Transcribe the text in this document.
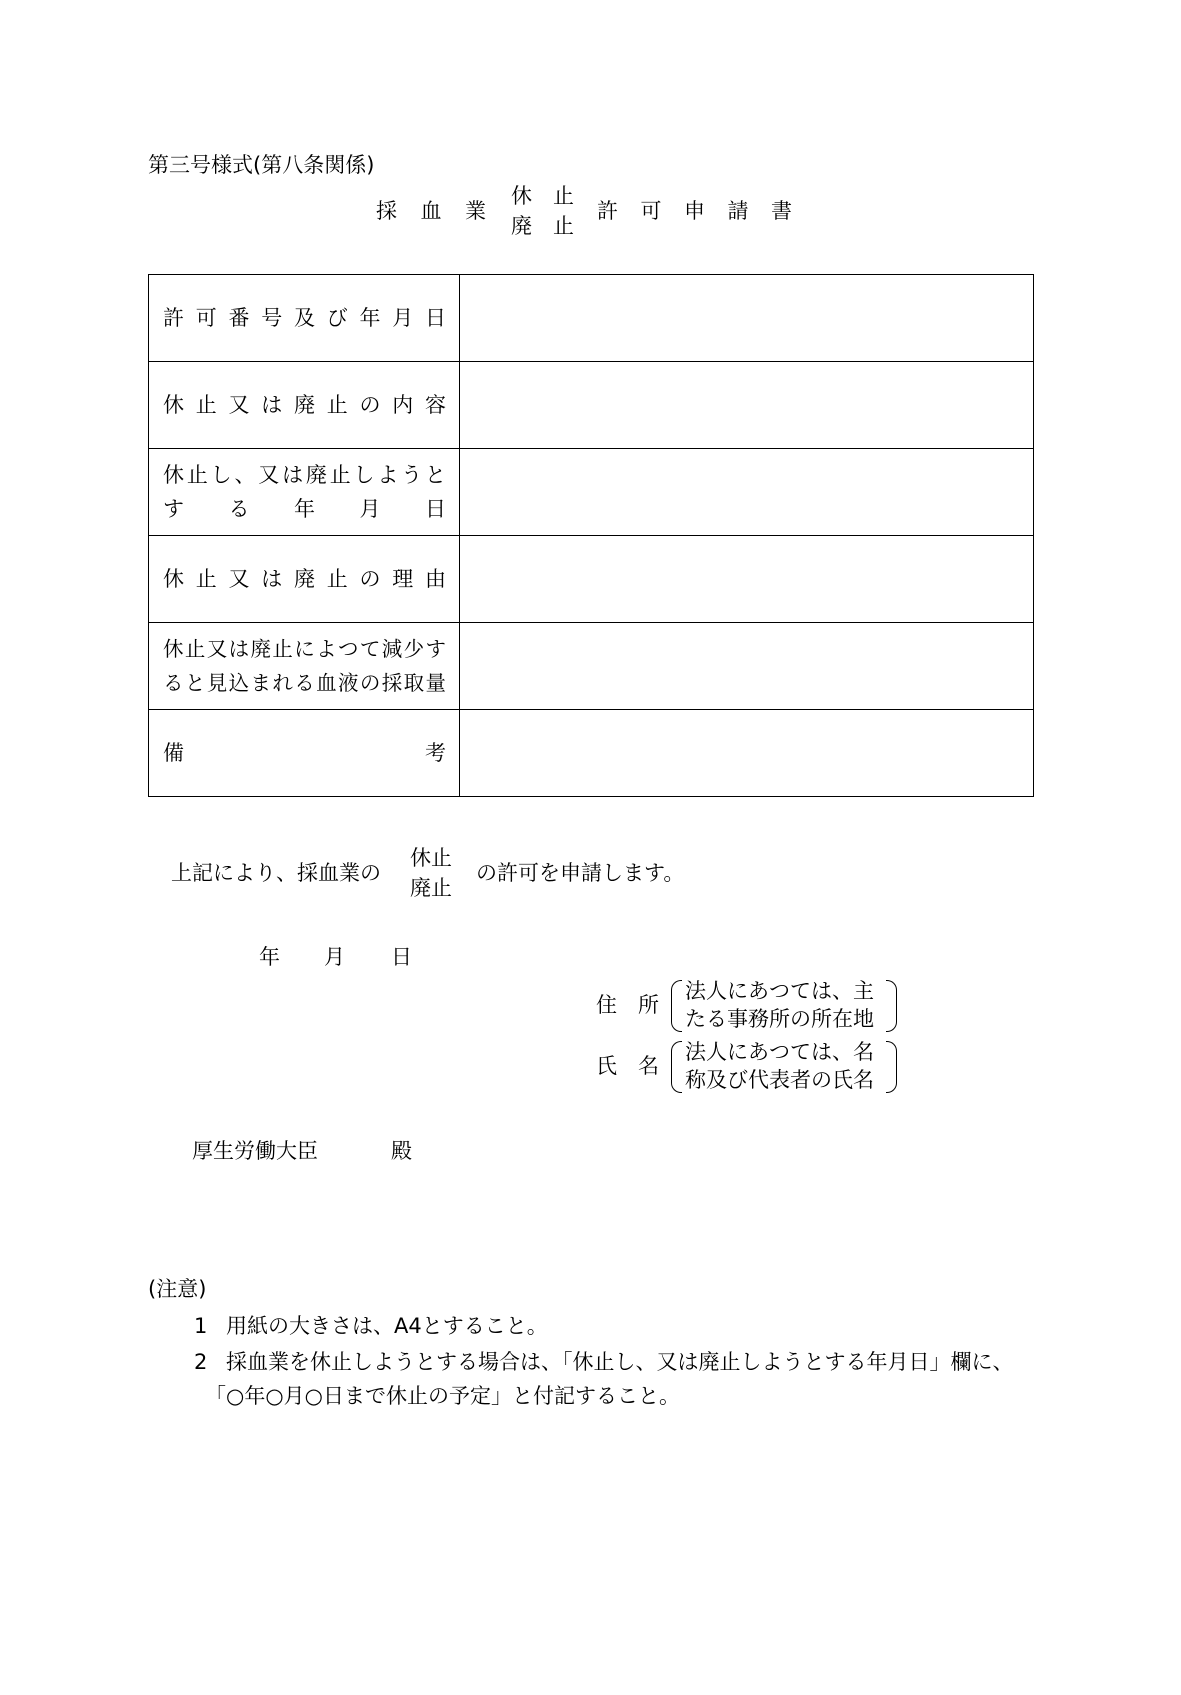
第三号様式(第八条関係)
採血業
休止
廃止
許可申請書
許可番号及び年月日	

休止又は廃止の内容	

休止し、又は廃止しようと
する年月日	

休止又は廃止の理由	

休止又は廃止によつて減少す
ると見込まれる血液の採取量	

備考	

上記により、採血業の
休止
廃止
の許可を申請します。
年 月 日
住　所
法人にあつては、主
たる事務所の所在地
氏　名
法人にあつては、名
称及び代表者の氏名
厚生労働大臣	殿
(注意)
1 用紙の大きさは、A4とすること。
2 採血業を休止しようとする場合は、「休止し、又は廃止しようとする年月日」欄に、
「○年○月○日まで休止の予定」と付記すること。
